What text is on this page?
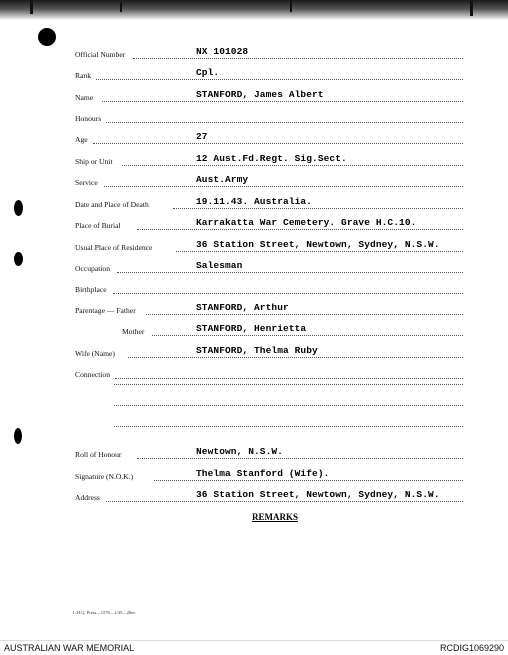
Official Number	NX 101028
Rank	Cpl.
Name	STANFORD, James Albert
Honours
Age	27
Ship or Unit	12 Aust.Fd.Regt. Sig.Sect.
Service	Aust.Army
Date and Place of Death	19.11.43. Australia.
Place of Burial	Karrakatta War Cemetery. Grave H.C.10.
Usual Place of Residence	36 Station Street, Newtown, Sydney, N.S.W.
Occupation	Salesman
Birthplace
Parentage — Father	STANFORD, Arthur
Mother	STANFORD, Henrietta
Wife (Name)	STANFORD, Thelma Ruby
Connection
Roll of Honour	Newtown, N.S.W.
Signature (N.O.K.)	Thelma Stanford (Wife).
Address	36 Station Street, Newtown, Sydney, N.S.W.
REMARKS
L.H.Q. Press—1576—1/45—20m.
AUSTRALIAN WAR MEMORIAL	RCDIG1069290
